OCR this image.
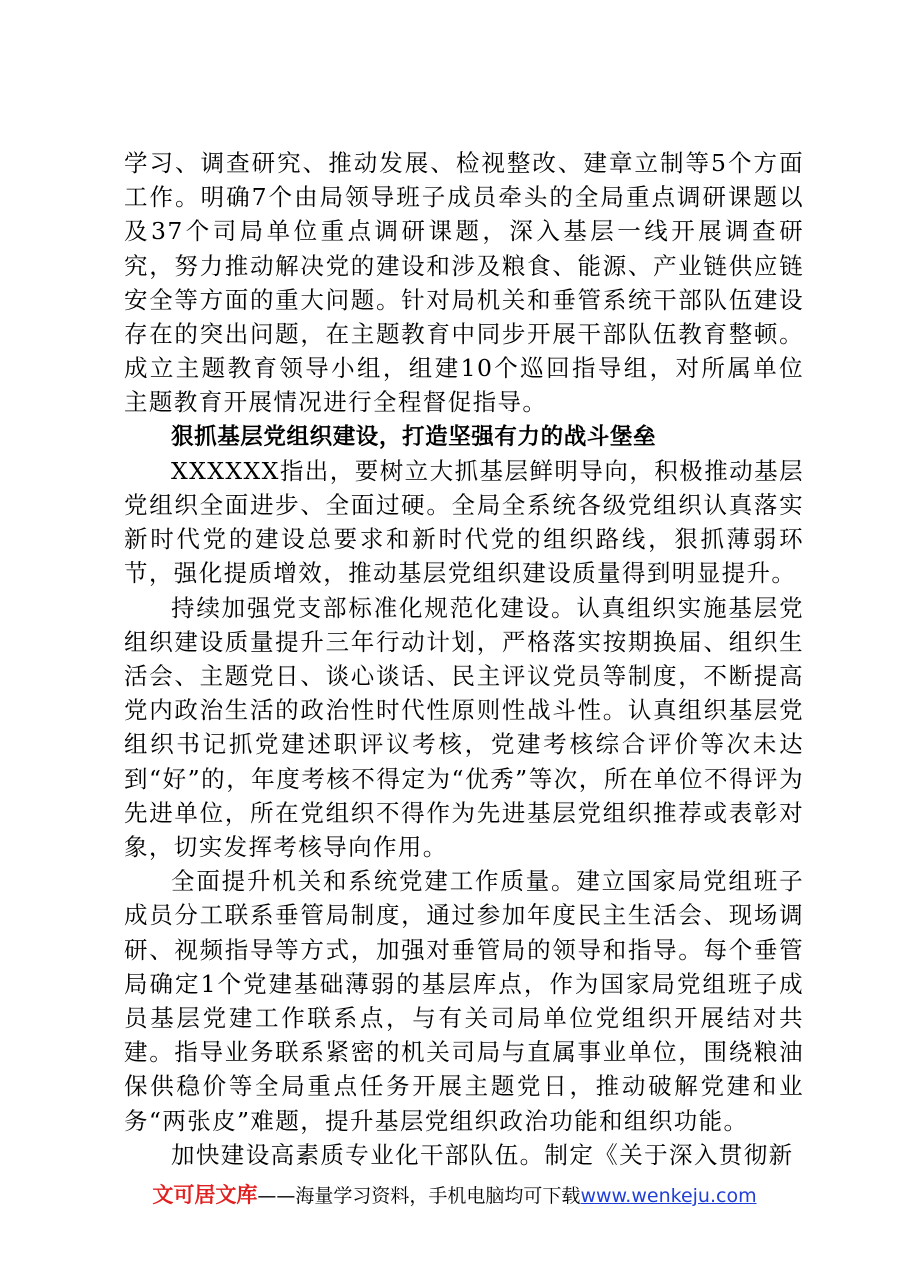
学习、调查研究、推动发展、检视整改、建章立制等5个方面工作。明确7个由局领导班子成员牵头的全局重点调研课题以及37个司局单位重点调研课题，深入基层一线开展调查研究，努力推动解决党的建设和涉及粮食、能源、产业链供应链安全等方面的重大问题。针对局机关和垂管系统干部队伍建设存在的突出问题，在主题教育中同步开展干部队伍教育整顿。成立主题教育领导小组，组建10个巡回指导组，对所属单位主题教育开展情况进行全程督促指导。

狠抓基层党组织建设，打造坚强有力的战斗堡垒

XXXXXX指出，要树立大抓基层鲜明导向，积极推动基层党组织全面进步、全面过硬。全局全系统各级党组织认真落实新时代党的建设总要求和新时代党的组织路线，狠抓薄弱环节，强化提质增效，推动基层党组织建设质量得到明显提升。

持续加强党支部标准化规范化建设。认真组织实施基层党组织建设质量提升三年行动计划，严格落实按期换届、组织生活会、主题党日、谈心谈话、民主评议党员等制度，不断提高党内政治生活的政治性时代性原则性战斗性。认真组织基层党组织书记抓党建述职评议考核，党建考核综合评价等次未达到“好”的，年度考核不得定为“优秀”等次，所在单位不得评为先进单位，所在党组织不得作为先进基层党组织推荐或表彰对象，切实发挥考核导向作用。

全面提升机关和系统党建工作质量。建立国家局党组班子成员分工联系垂管局制度，通过参加年度民主生活会、现场调研、视频指导等方式，加强对垂管局的领导和指导。每个垂管局确定1个党建基础薄弱的基层库点，作为国家局党组班子成员基层党建工作联系点，与有关司局单位党组织开展结对共建。指导业务联系紧密的机关司局与直属事业单位，围绕粮油保供稳价等全局重点任务开展主题党日，推动破解党建和业务“两张皮”难题，提升基层党组织政治功能和组织功能。

加快建设高素质专业化干部队伍。制定《关于深入贯彻新

文可居文库——海量学习资料，手机电脑均可下载www.wenkeju.com
